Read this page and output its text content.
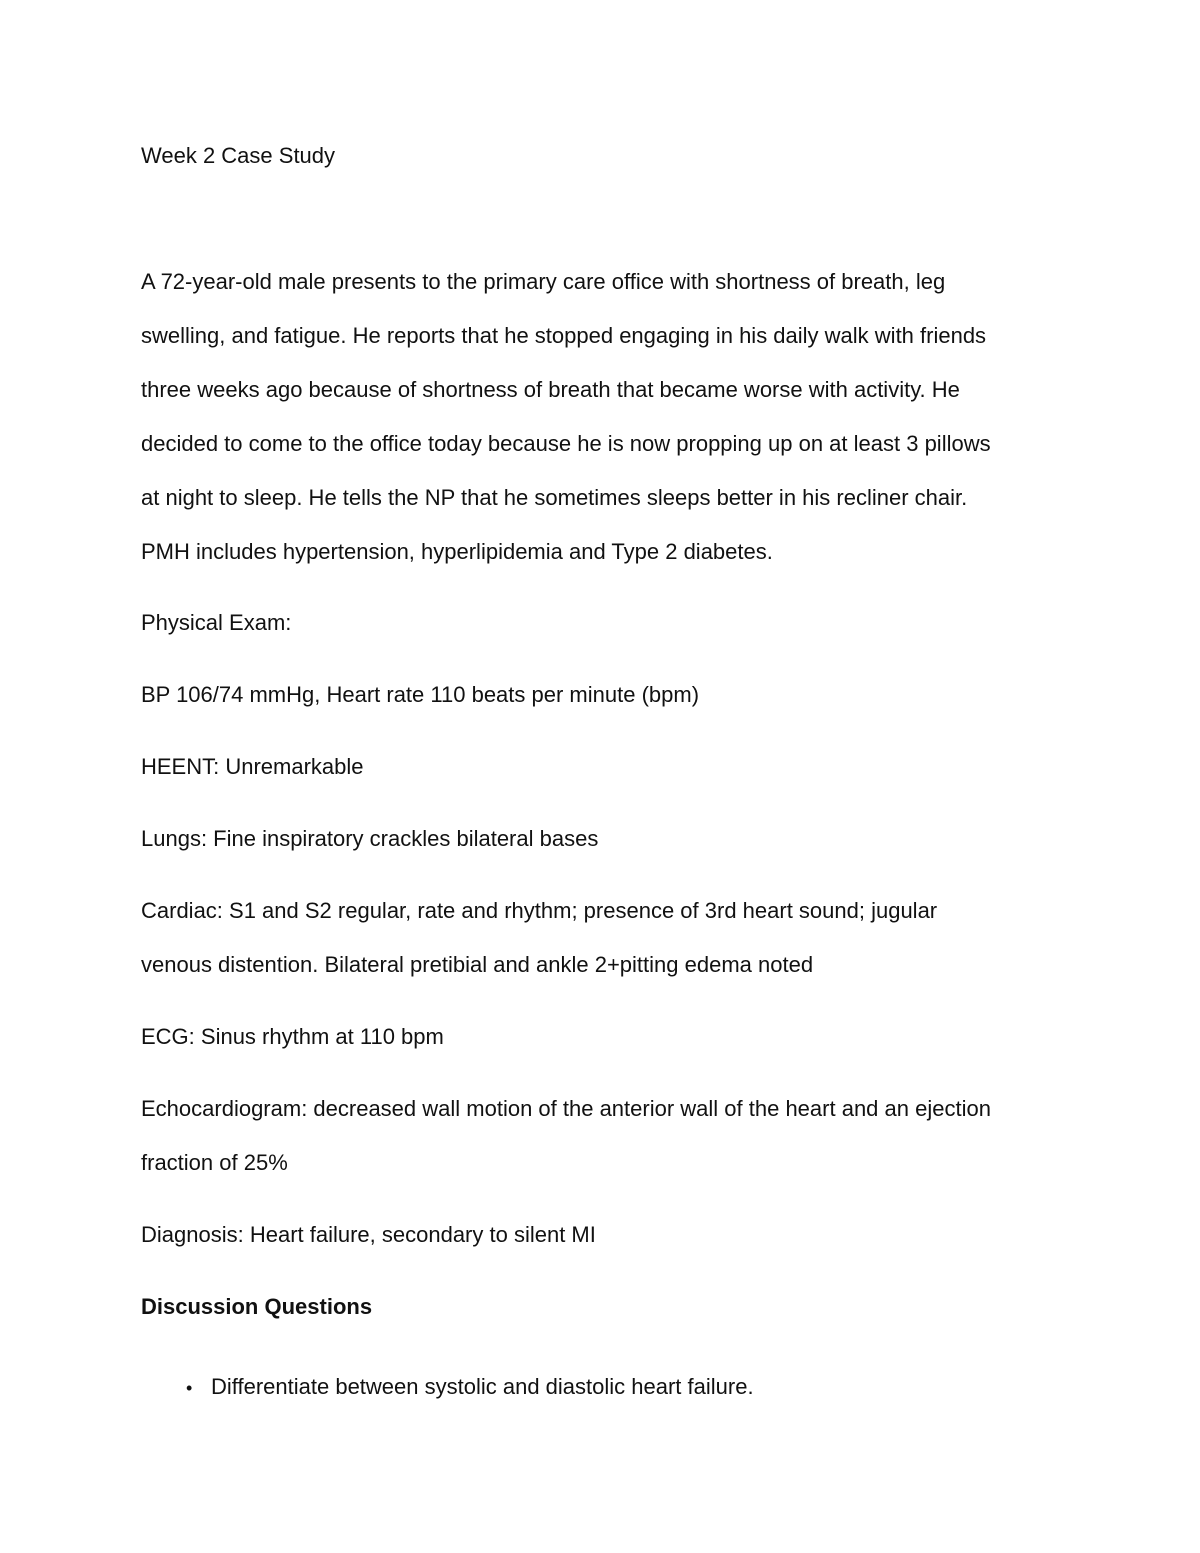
Week 2 Case Study
A 72-year-old male presents to the primary care office with shortness of breath, leg
swelling, and fatigue. He reports that he stopped engaging in his daily walk with friends
three weeks ago because of shortness of breath that became worse with activity. He
decided to come to the office today because he is now propping up on at least 3 pillows
at night to sleep. He tells the NP that he sometimes sleeps better in his recliner chair.
PMH includes hypertension, hyperlipidemia and Type 2 diabetes.
Physical Exam:
BP 106/74 mmHg, Heart rate 110 beats per minute (bpm)
HEENT: Unremarkable
Lungs: Fine inspiratory crackles bilateral bases
Cardiac: S1 and S2 regular, rate and rhythm; presence of 3rd heart sound; jugular
venous distention. Bilateral pretibial and ankle 2+pitting edema noted
ECG: Sinus rhythm at 110 bpm
Echocardiogram: decreased wall motion of the anterior wall of the heart and an ejection
fraction of 25%
Diagnosis: Heart failure, secondary to silent MI
Discussion Questions
• Differentiate between systolic and diastolic heart failure.
